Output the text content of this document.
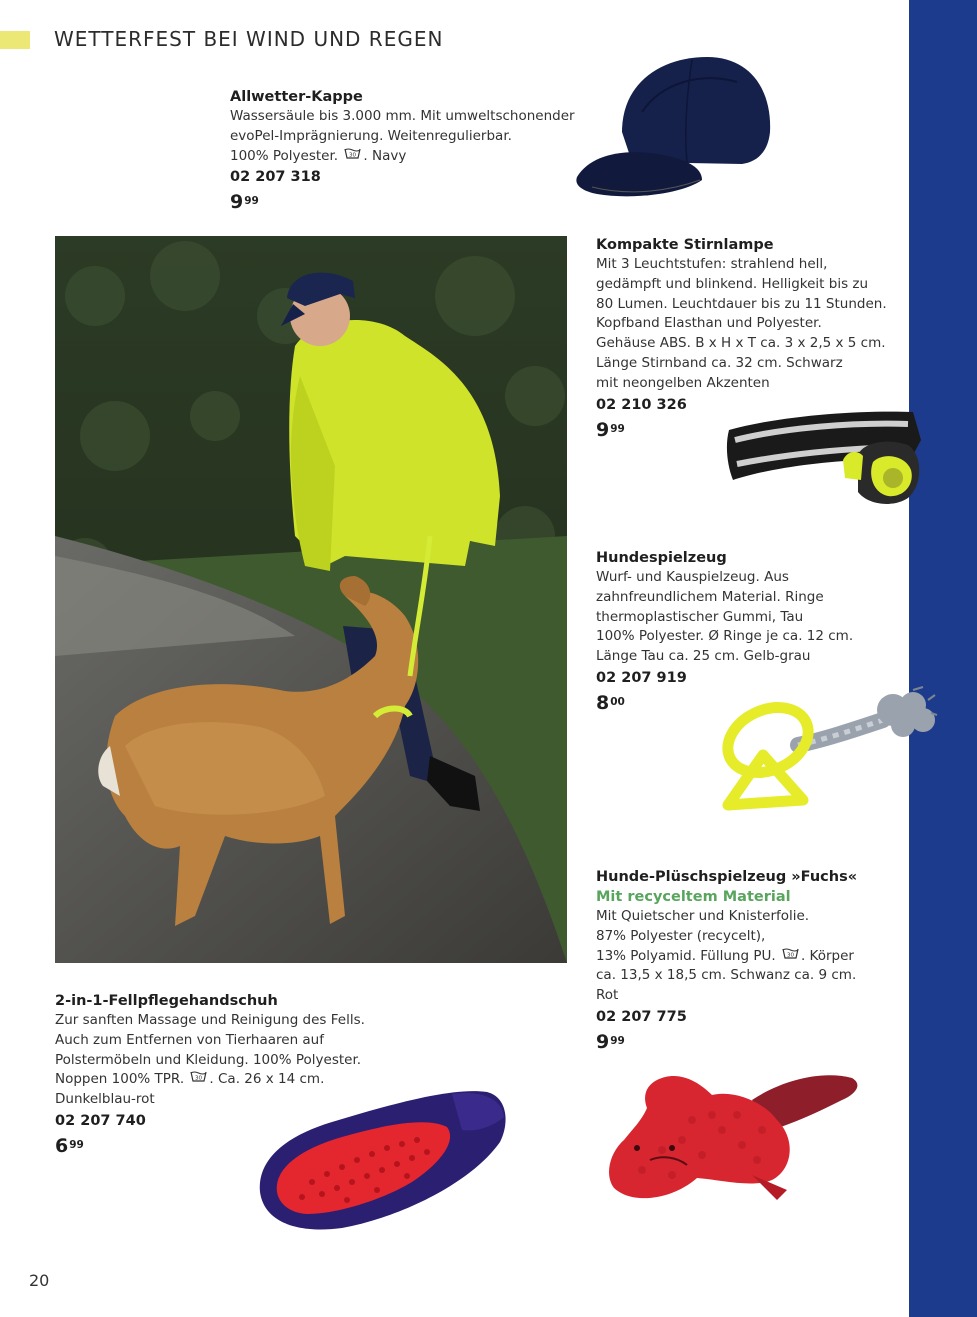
WETTERFEST BEI WIND UND REGEN
Allwetter-Kappe
Wassersäule bis 3.000 mm. Mit umweltschonender
evoPel-Imprägnierung. Weitenregulierbar.
100% Polyester. 30 . Navy
02 207 318
$9^{99}$
Kompakte Stirnlampe
Mit 3 Leuchtstufen: strahlend hell,
gedämpft und blinkend. Helligkeit bis zu
80 Lumen. Leuchtdauer bis zu 11 Stunden.
Kopfband Elasthan und Polyester.
Gehäuse ABS. B x H x T ca. 3 x 2,5 x 5 cm.
Länge Stirnband ca. 32 cm. Schwarz
mit neongelben Akzenten
02 210 326
$9^{99}$
Hundespielzeug
Wurf- und Kauspielzeug. Aus
zahnfreundlichem Material. Ringe
thermoplastischer Gummi, Tau
100% Polyester. Ø Ringe je ca. 12 cm.
Länge Tau ca. 25 cm. Gelb-grau
02 207 919
$8^{00}$
Hunde-Plüschspielzeug »Fuchs«
Mit recyceltem Material
Mit Quietscher und Knisterfolie.
87% Polyester (recycelt),
13% Polyamid. Füllung PU. 30 . Körper
ca. 13,5 x 18,5 cm. Schwanz ca. 9 cm.
Rot
02 207 775
$9^{99}$
2-in-1-Fellpflegehandschuh
Zur sanften Massage und Reinigung des Fells.
Auch zum Entfernen von Tierhaaren auf
Polstermöbeln und Kleidung. 100% Polyester.
Noppen 100% TPR. 30 . Ca. 26 x 14 cm.
Dunkelblau-rot
02 207 740
$6^{99}$
20
